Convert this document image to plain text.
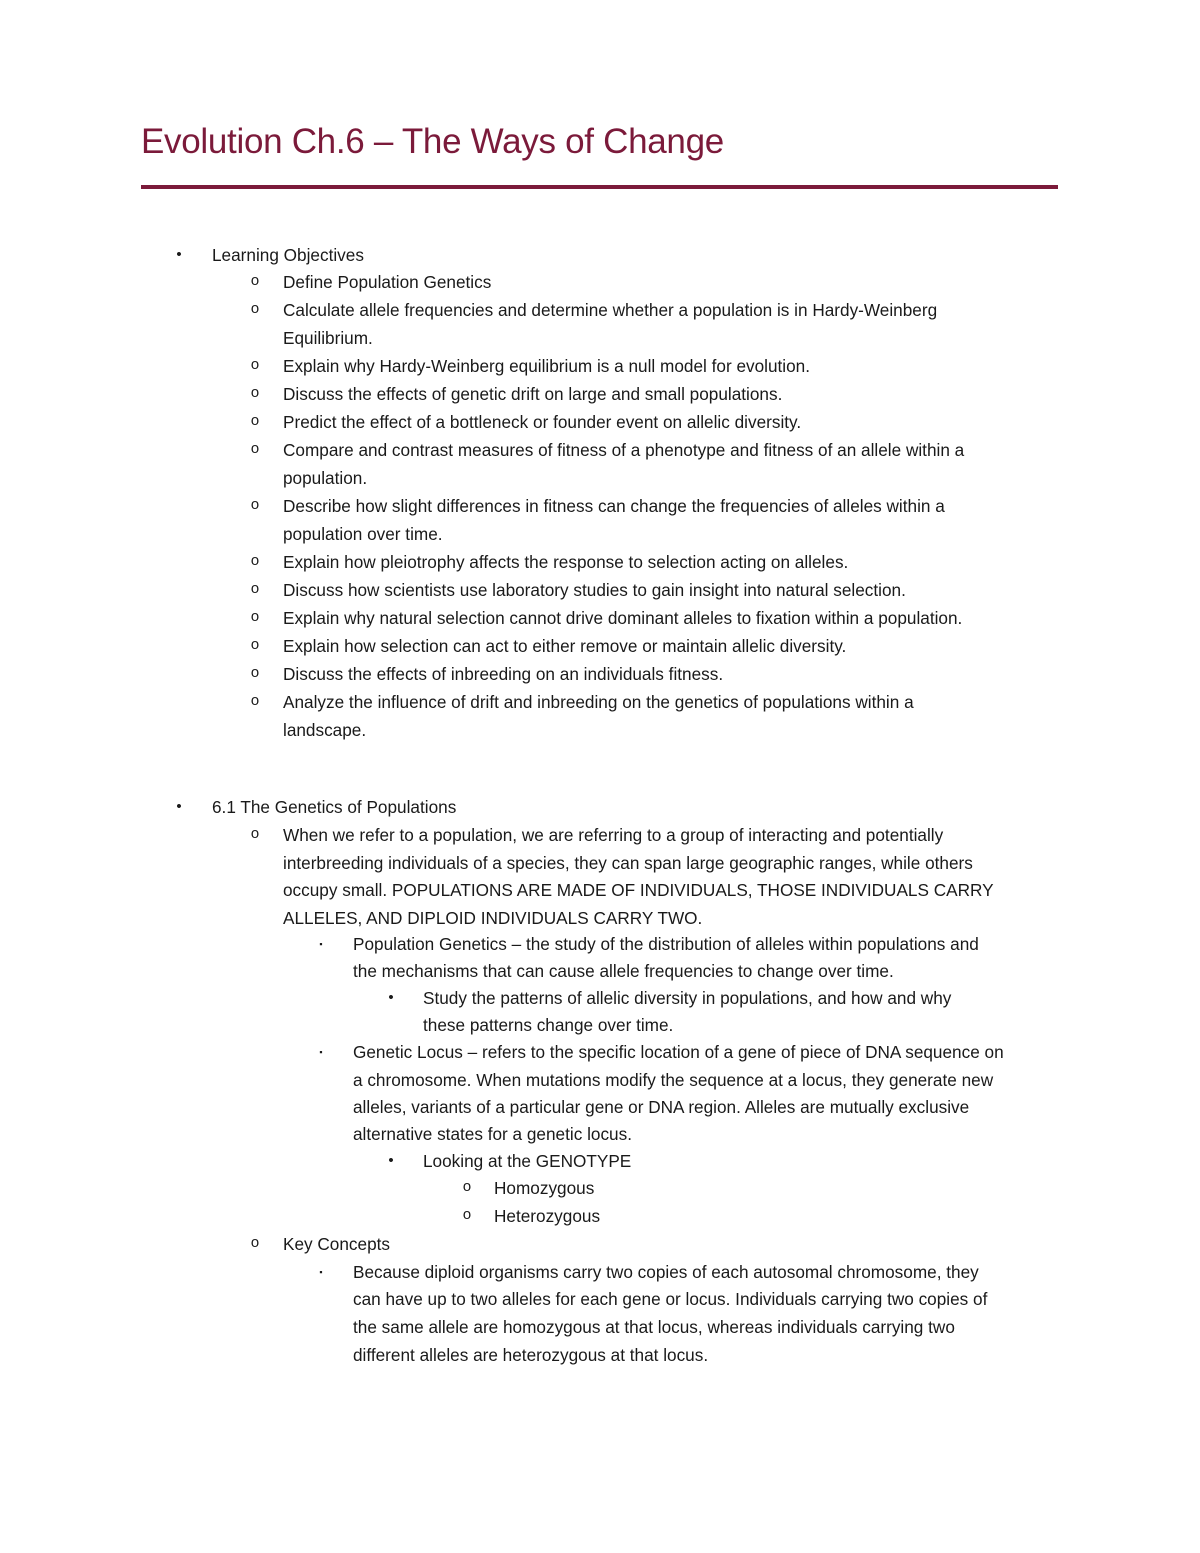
Evolution Ch.6 – The Ways of Change
•	Learning Objectives
o	Define Population Genetics
o	Calculate allele frequencies and determine whether a population is in Hardy-Weinberg
Equilibrium.
o	Explain why Hardy-Weinberg equilibrium is a null model for evolution.
o	Discuss the effects of genetic drift on large and small populations.
o	Predict the effect of a bottleneck or founder event on allelic diversity.
o	Compare and contrast measures of fitness of a phenotype and fitness of an allele within a
population.
o	Describe how slight differences in fitness can change the frequencies of alleles within a
population over time.
o	Explain how pleiotrophy affects the response to selection acting on alleles.
o	Discuss how scientists use laboratory studies to gain insight into natural selection.
o	Explain why natural selection cannot drive dominant alleles to fixation within a population.
o	Explain how selection can act to either remove or maintain allelic diversity.
o	Discuss the effects of inbreeding on an individuals fitness.
o	Analyze the influence of drift and inbreeding on the genetics of populations within a
landscape.
•	6.1 The Genetics of Populations
o	When we refer to a population, we are referring to a group of interacting and potentially
interbreeding individuals of a species, they can span large geographic ranges, while others
occupy small. POPULATIONS ARE MADE OF INDIVIDUALS, THOSE INDIVIDUALS CARRY
ALLELES, AND DIPLOID INDIVIDUALS CARRY TWO.
▪	Population Genetics – the study of the distribution of alleles within populations and
the mechanisms that can cause allele frequencies to change over time.
•	Study the patterns of allelic diversity in populations, and how and why
these patterns change over time.
▪	Genetic Locus – refers to the specific location of a gene of piece of DNA sequence on
a chromosome. When mutations modify the sequence at a locus, they generate new
alleles, variants of a particular gene or DNA region. Alleles are mutually exclusive
alternative states for a genetic locus.
•	Looking at the GENOTYPE
o	Homozygous
o	Heterozygous
o	Key Concepts
▪	Because diploid organisms carry two copies of each autosomal chromosome, they
can have up to two alleles for each gene or locus. Individuals carrying two copies of
the same allele are homozygous at that locus, whereas individuals carrying two
different alleles are heterozygous at that locus.
